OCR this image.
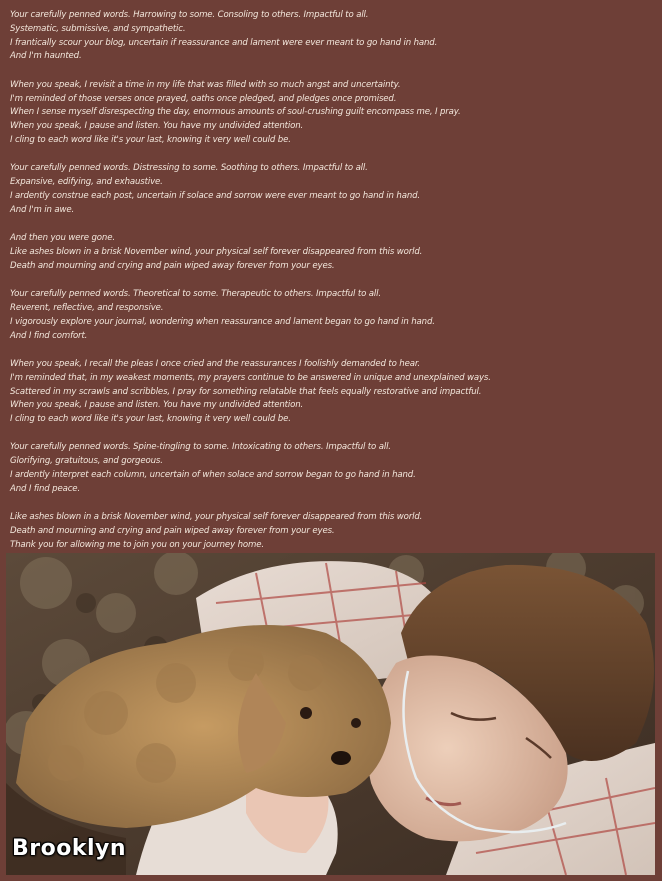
Your carefully penned words. Harrowing to some. Consoling to others. Impactful to all.
Systematic, submissive, and sympathetic.
I frantically scour your blog, uncertain if reassurance and lament were ever meant to go hand in hand.
And I'm haunted.
When you speak, I revisit a time in my life that was filled with so much angst and uncertainty.
I'm reminded of those verses once prayed, oaths once pledged, and pledges once promised.
When I sense myself disrespecting the day, enormous amounts of soul-crushing guilt encompass me, I pray.
When you speak, I pause and listen. You have my undivided attention.
I cling to each word like it's your last, knowing it very well could be.
Your carefully penned words. Distressing to some. Soothing to others. Impactful to all.
Expansive, edifying, and exhaustive.
I ardently construe each post, uncertain if solace and sorrow were ever meant to go hand in hand.
And I'm in awe.
And then you were gone.
Like ashes blown in a brisk November wind, your physical self forever disappeared from this world.
Death and mourning and crying and pain wiped away forever from your eyes.
Your carefully penned words. Theoretical to some. Therapeutic to others. Impactful to all.
Reverent, reflective, and responsive.
I vigorously explore your journal, wondering when reassurance and lament began to go hand in hand.
And I find comfort.
When you speak, I recall the pleas I once cried and the reassurances I foolishly demanded to hear.
I'm reminded that, in my weakest moments, my prayers continue to be answered in unique and unexplained ways.
Scattered in my scrawls and scribbles, I pray for something relatable that feels equally restorative and impactful.
When you speak, I pause and listen. You have my undivided attention.
I cling to each word like it's your last, knowing it very well could be.
Your carefully penned words. Spine-tingling to some. Intoxicating to others. Impactful to all.
Glorifying, gratuitous, and gorgeous.
I ardently interpret each column, uncertain of when solace and sorrow began to go hand in hand.
And I find peace.
Like ashes blown in a brisk November wind, your physical self forever disappeared from this world.
Death and mourning and crying and pain wiped away forever from your eyes.
Thank you for allowing me to join you on your journey home.
Brooklyn
